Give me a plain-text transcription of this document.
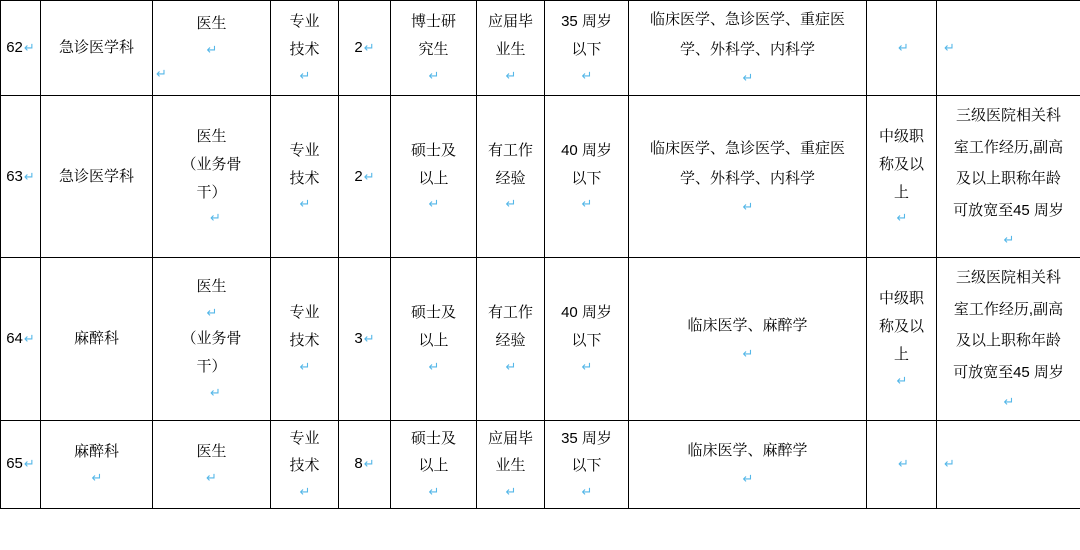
62↵	急诊医学科	医生
↵
↵	专业
技术
↵	2↵	博士研
究生
↵	应届毕
业生
↵	35 周岁
以下
↵	临床医学、急诊医学、重症医
学、外科学、内科学
↵	↵	↵

63↵	急诊医学科	医生
（业务骨
干）
↵	专业
技术
↵	2↵	硕士及
以上
↵	有工作
经验
↵	40 周岁
以下
↵	临床医学、急诊医学、重症医
学、外科学、内科学
↵	中级职
称及以
上
↵	三级医院相关科
室工作经历,副高
及以上职称年龄
可放宽至45 周岁
↵

64↵	麻醉科	医生
↵
（业务骨
干）
↵	专业
技术
↵	3↵	硕士及
以上
↵	有工作
经验
↵	40 周岁
以下
↵	临床医学、麻醉学
↵	中级职
称及以
上
↵	三级医院相关科
室工作经历,副高
及以上职称年龄
可放宽至45 周岁
↵

65↵	麻醉科
↵	医生
↵	专业
技术
↵	8↵	硕士及
以上
↵	应届毕
业生
↵	35 周岁
以下
↵	临床医学、麻醉学
↵	↵	↵
